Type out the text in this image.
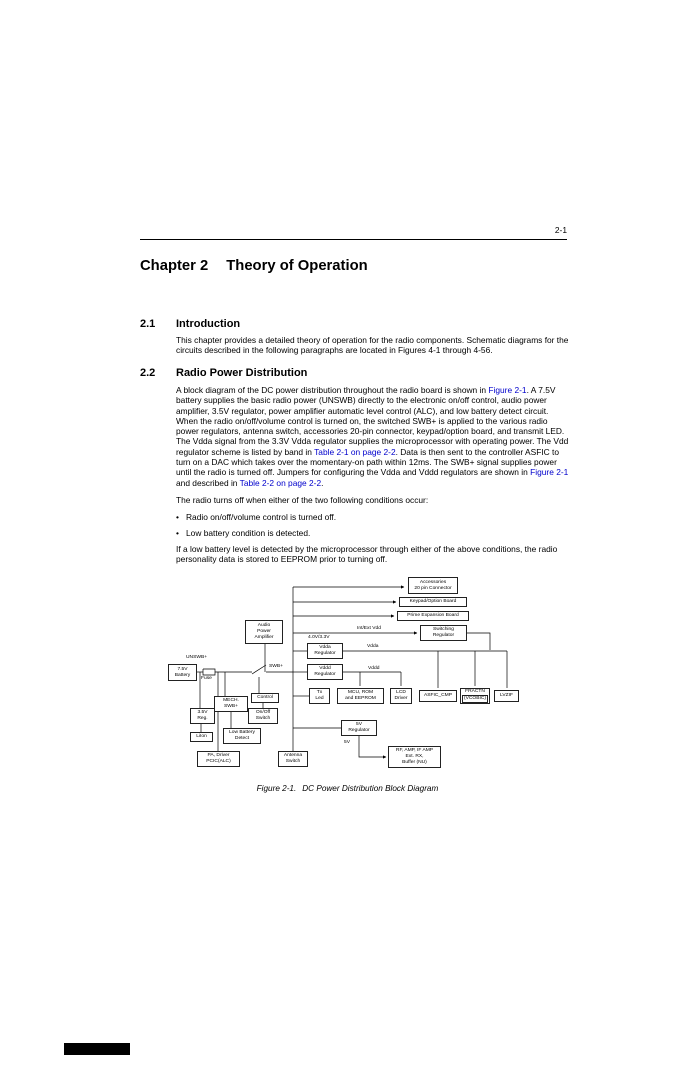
2-1
Chapter 2 Theory of Operation
2.1 Introduction
This chapter provides a detailed theory of operation for the radio components. Schematic diagrams for the circuits described in the following paragraphs are located in Figures 4-1 through 4-56.
2.2 Radio Power Distribution
A block diagram of the DC power distribution throughout the radio board is shown in Figure 2-1. A 7.5V battery supplies the basic radio power (UNSWB) directly to the electronic on/off control, audio power amplifier, 3.5V regulator, power amplifier automatic level control (ALC), and low battery detect circuit. When the radio on/off/volume control is turned on, the switched SWB+ is applied to the various radio power regulators, antenna switch, accessories 20-pin connector, keypad/option board, and transmit LED. The Vdda signal from the 3.3V Vdda regulator supplies the microprocessor with operating power. The Vdd regulator scheme is listed by band in Table 2-1 on page 2-2. Data is then sent to the controller ASFIC to turn on a DAC which takes over the momentary-on path within 12ms. The SWB+ signal supplies power until the radio is turned off. Jumpers for configuring the Vdda and Vddd regulators are shown in Figure 2-1 and described in Table 2-2 on page 2-2.
The radio turns off when either of the two following conditions occur:
• Radio on/off/volume control is turned off.
• Low battery condition is detected.
If a low battery level is detected by the microprocessor through either of the above conditions, the radio personality data is stored to EEPROM prior to turning off.
Accessories
20 pin Connector
Keypad/Option Board
Prime Expansion Board
Switching
Regulator
Audio
Power
Amplifier
Vdda
Regulator
Vddd
Regulator
7.5V
Battery
MECH.
SWB+
Control
On/Off
Switch
3.5V
Reg.
LiIon
Low Battery
Detect
PA, Driver
PCIC(ALC)
Antenna
Switch
Tx
Led
MCU, ROM
and EEPROM
LCD
Driver
ASFIC_CMP
FRACTN
(VCOBIC)
LVZIF
5V
Regulator
RF, AMP, IF AMP
Ext. RX,
Buffer (NU)
UNSWB+
Fuse
SWB+
Int/Ext Vdd
4.0V/3.3V
Vdda
Vddd
5V
Figure 2-1. DC Power Distribution Block Diagram
